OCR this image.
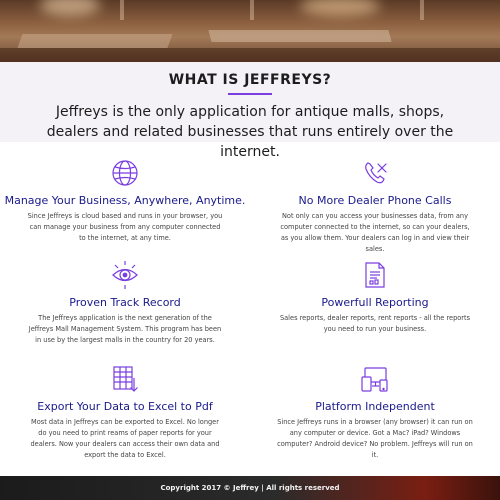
WHAT IS JEFFREYS?

Jeffreys is the only application for antique malls, shops, dealers and related businesses that runs entirely over the internet.

Manage Your Business, Anywhere, Anytime.

Since Jeffreys is cloud based and runs in your browser, you can manage your business from any computer connected to the internet, at any time.

No More Dealer Phone Calls

Not only can you access your businesses data, from any computer connected to the internet, so can your dealers, as you allow them. Your dealers can log in and view their sales.

Proven Track Record

The Jeffreys application is the next generation of the Jeffreys Mall Management System. This program has been in use by the largest malls in the country for 20 years.

Powerfull Reporting

Sales reports, dealer reports, rent reports - all the reports you need to run your business.

Export Your Data to Excel to Pdf

Most data in Jeffreys can be exported to Excel. No longer do you need to print reams of paper reports for your dealers. Now your dealers can access their own data and export the data to Excel.

Platform Independent

Since Jeffreys runs in a browser (any browser) it can run on any computer or device. Got a Mac? iPad? Windows computer? Android device? No problem. Jeffreys will run on it.

Copyright 2017 © Jeffrey | All rights reserved
